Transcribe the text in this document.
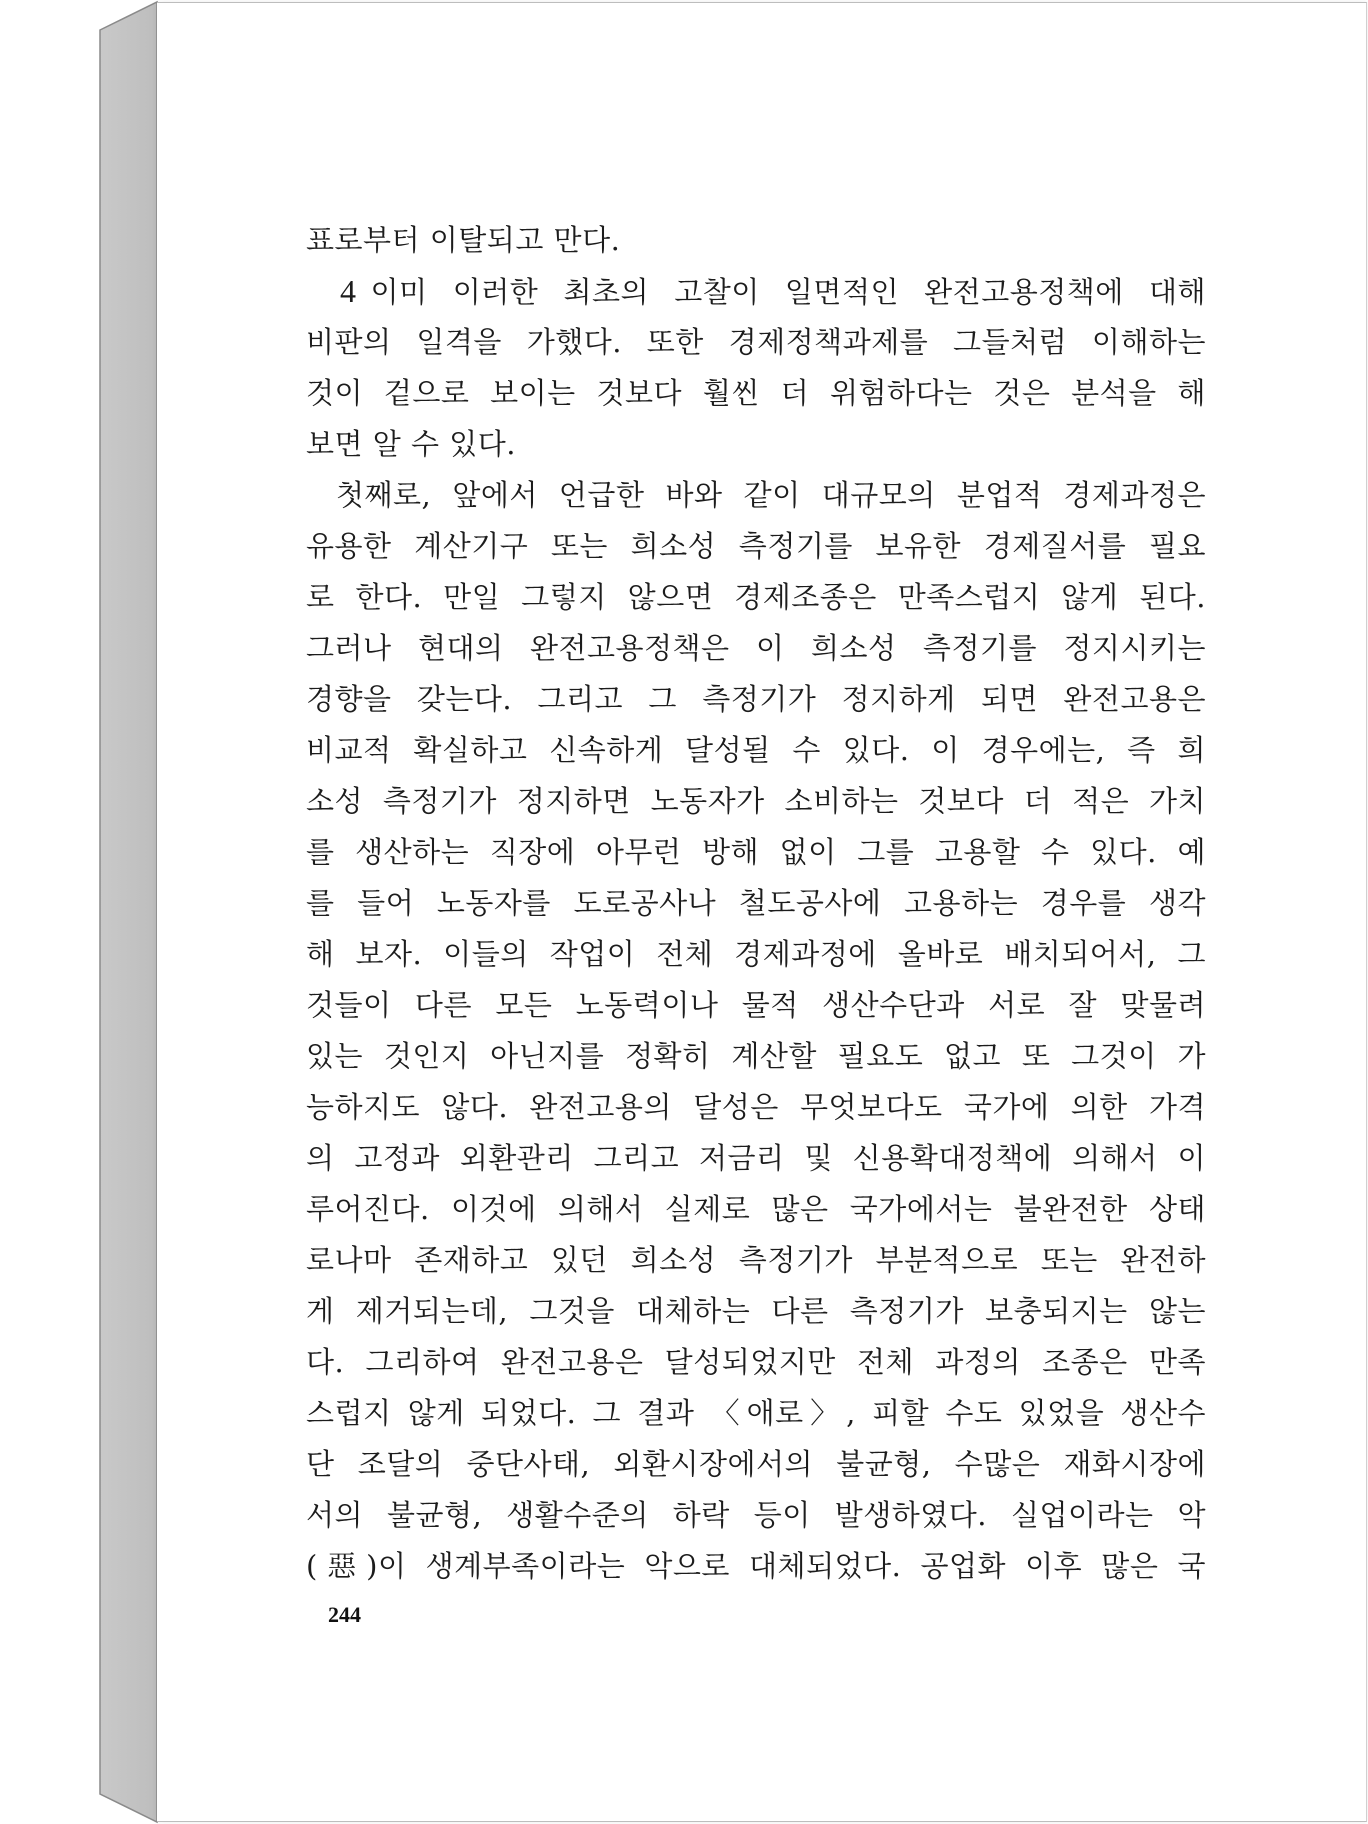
표로부터 이탈되고 만다.
4 이미 이러한 최초의 고찰이 일면적인 완전고용정책에 대해
비판의 일격을 가했다. 또한 경제정책과제를 그들처럼 이해하는
것이 겉으로 보이는 것보다 훨씬 더 위험하다는 것은 분석을 해
보면 알 수 있다.
첫째로, 앞에서 언급한 바와 같이 대규모의 분업적 경제과정은
유용한 계산기구 또는 희소성 측정기를 보유한 경제질서를 필요
로 한다. 만일 그렇지 않으면 경제조종은 만족스럽지 않게 된다.
그러나 현대의 완전고용정책은 이 희소성 측정기를 정지시키는
경향을 갖는다. 그리고 그 측정기가 정지하게 되면 완전고용은
비교적 확실하고 신속하게 달성될 수 있다. 이 경우에는, 즉 희
소성 측정기가 정지하면 노동자가 소비하는 것보다 더 적은 가치
를 생산하는 직장에 아무런 방해 없이 그를 고용할 수 있다. 예
를 들어 노동자를 도로공사나 철도공사에 고용하는 경우를 생각
해 보자. 이들의 작업이 전체 경제과정에 올바로 배치되어서, 그
것들이 다른 모든 노동력이나 물적 생산수단과 서로 잘 맞물려
있는 것인지 아닌지를 정확히 계산할 필요도 없고 또 그것이 가
능하지도 않다. 완전고용의 달성은 무엇보다도 국가에 의한 가격
의 고정과 외환관리 그리고 저금리 및 신용확대정책에 의해서 이
루어진다. 이것에 의해서 실제로 많은 국가에서는 불완전한 상태
로나마 존재하고 있던 희소성 측정기가 부분적으로 또는 완전하
게 제거되는데, 그것을 대체하는 다른 측정기가 보충되지는 않는
다. 그리하여 완전고용은 달성되었지만 전체 과정의 조종은 만족
스럽지 않게 되었다. 그 결과 〈애로〉, 피할 수도 있었을 생산수
단 조달의 중단사태, 외환시장에서의 불균형, 수많은 재화시장에
서의 불균형, 생활수준의 하락 등이 발생하였다. 실업이라는 악
(惡)이 생계부족이라는 악으로 대체되었다. 공업화 이후 많은 국
244
